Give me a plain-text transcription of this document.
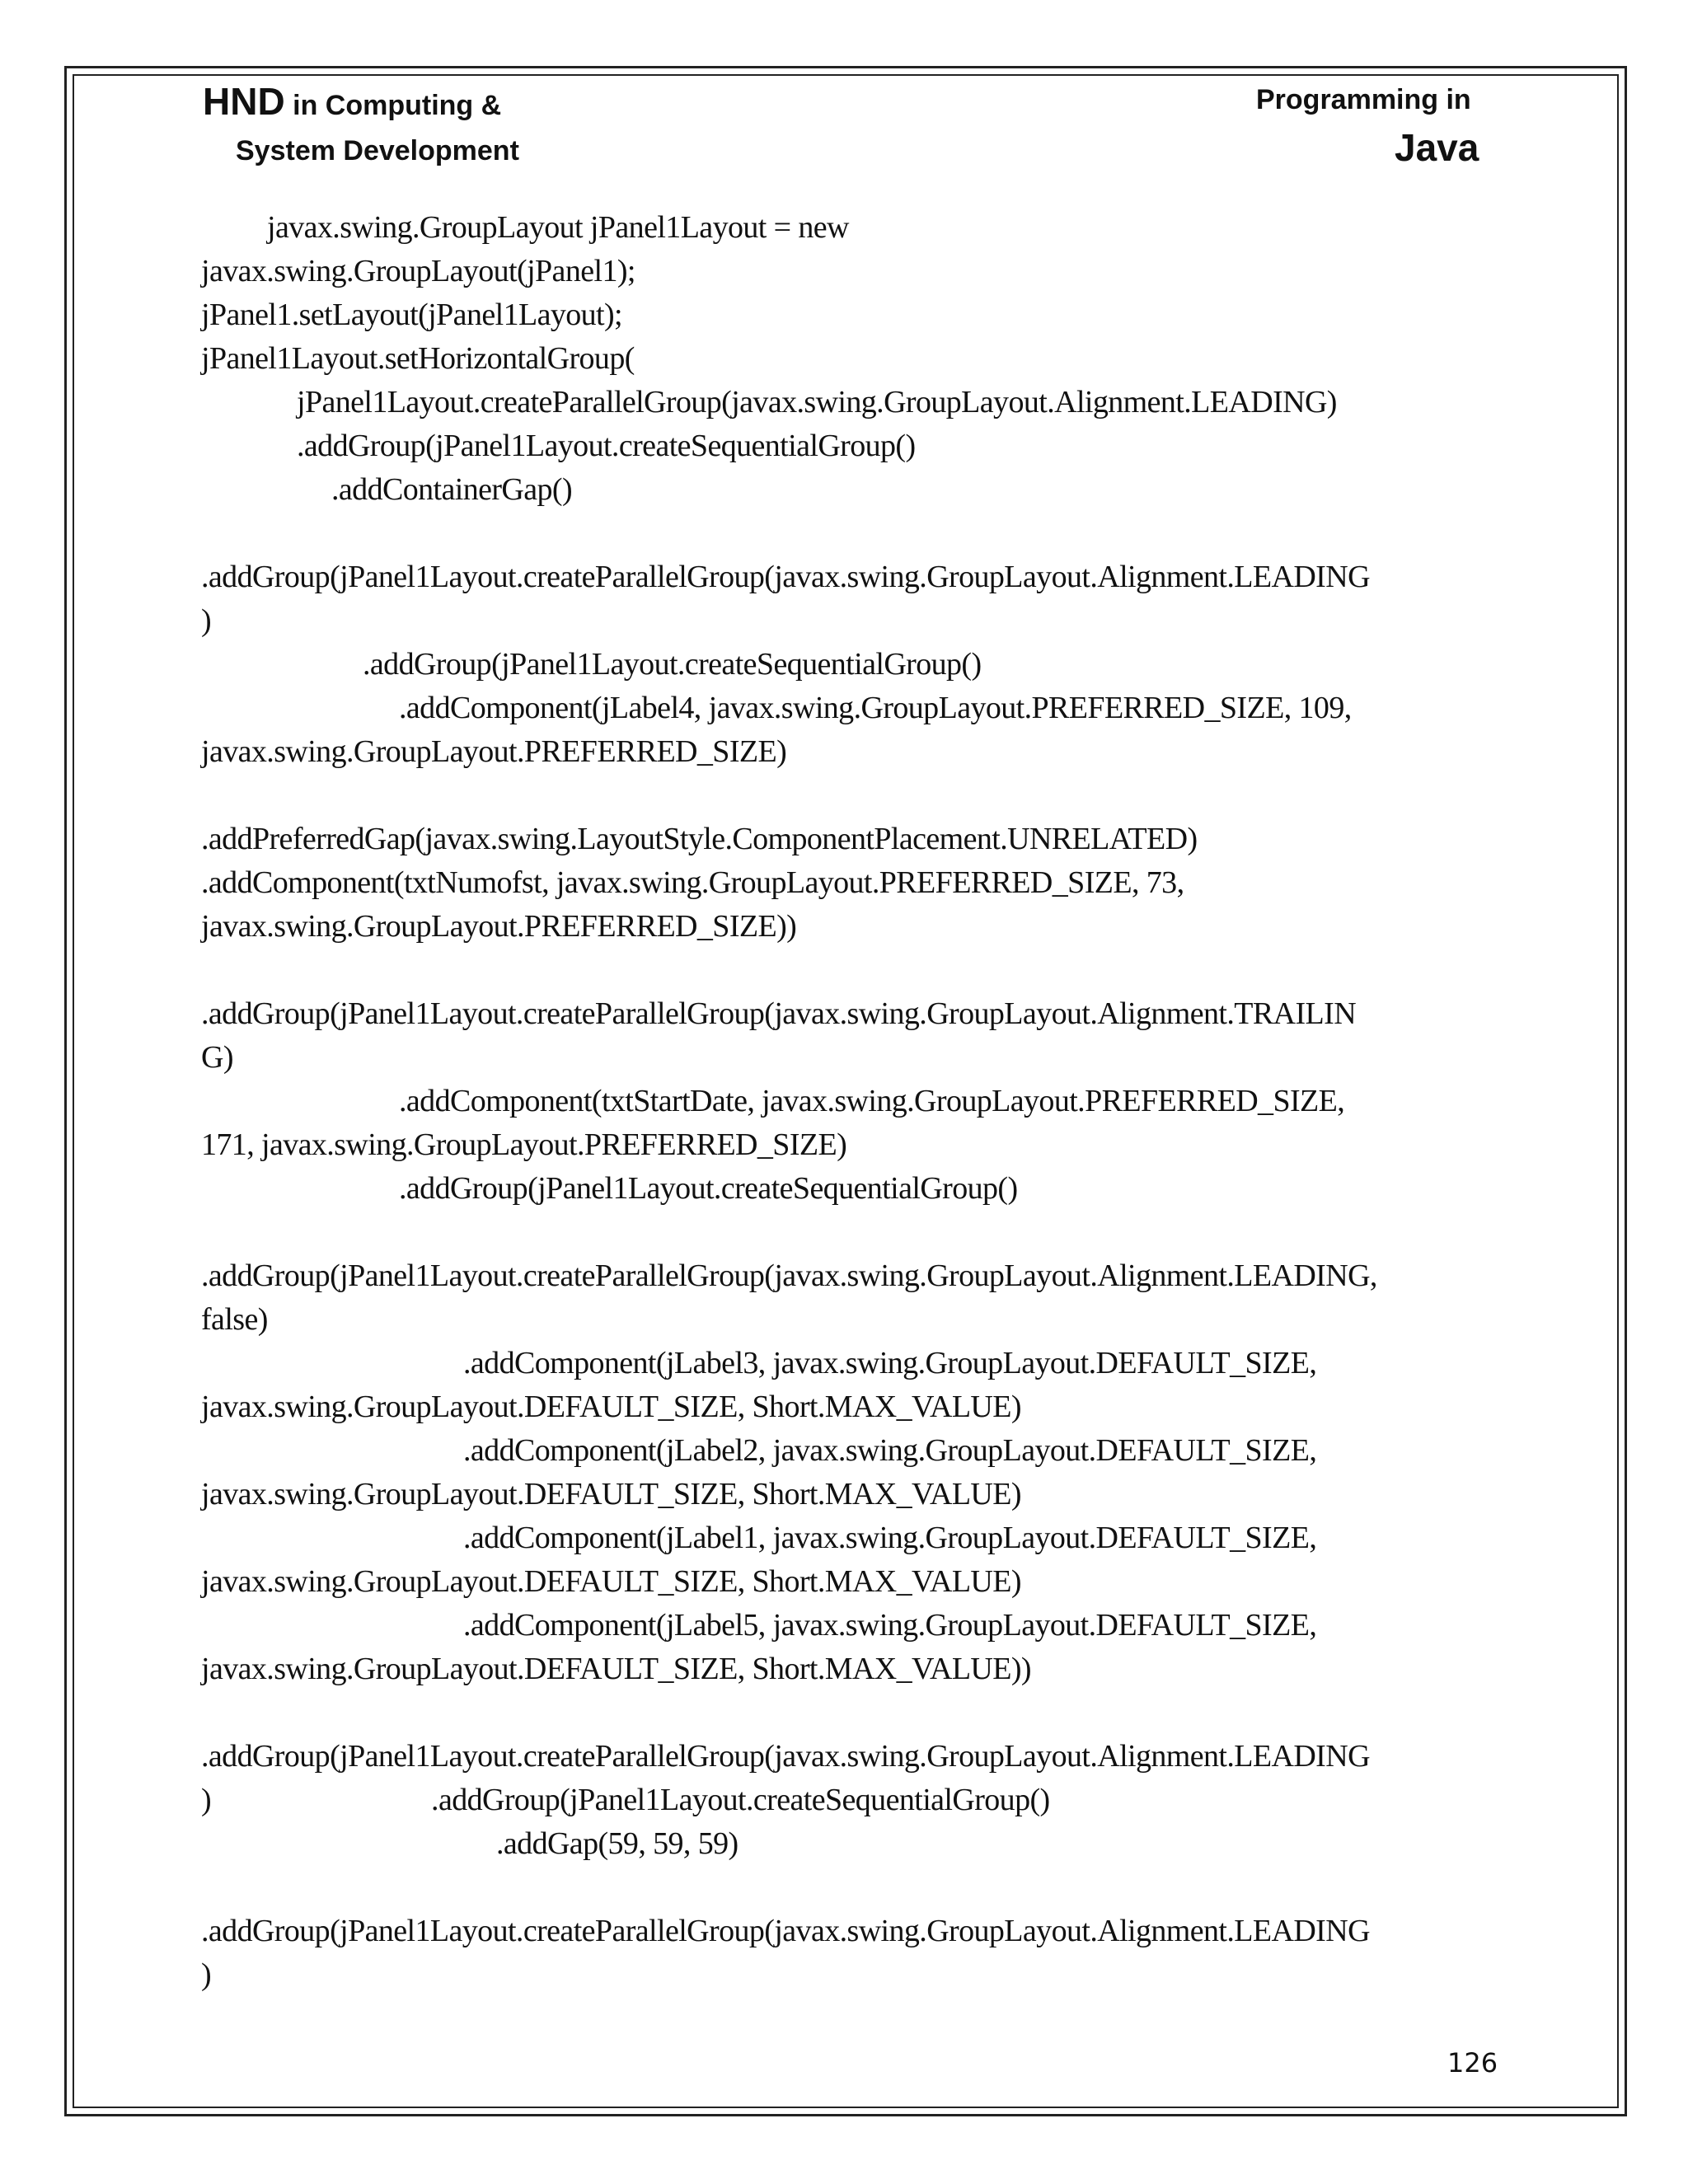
HND in Computing &
System Development
Programming in
Java
javax.swing.GroupLayout jPanel1Layout = new
javax.swing.GroupLayout(jPanel1);
jPanel1.setLayout(jPanel1Layout);
jPanel1Layout.setHorizontalGroup(
jPanel1Layout.createParallelGroup(javax.swing.GroupLayout.Alignment.LEADING)
.addGroup(jPanel1Layout.createSequentialGroup()
.addContainerGap()
.addGroup(jPanel1Layout.createParallelGroup(javax.swing.GroupLayout.Alignment.LEADING
)
.addGroup(jPanel1Layout.createSequentialGroup()
.addComponent(jLabel4, javax.swing.GroupLayout.PREFERRED_SIZE, 109,
javax.swing.GroupLayout.PREFERRED_SIZE)
.addPreferredGap(javax.swing.LayoutStyle.ComponentPlacement.UNRELATED)
.addComponent(txtNumofst, javax.swing.GroupLayout.PREFERRED_SIZE, 73,
javax.swing.GroupLayout.PREFERRED_SIZE))
.addGroup(jPanel1Layout.createParallelGroup(javax.swing.GroupLayout.Alignment.TRAILIN
G)
.addComponent(txtStartDate, javax.swing.GroupLayout.PREFERRED_SIZE,
171, javax.swing.GroupLayout.PREFERRED_SIZE)
.addGroup(jPanel1Layout.createSequentialGroup()
.addGroup(jPanel1Layout.createParallelGroup(javax.swing.GroupLayout.Alignment.LEADING,
false)
.addComponent(jLabel3, javax.swing.GroupLayout.DEFAULT_SIZE,
javax.swing.GroupLayout.DEFAULT_SIZE, Short.MAX_VALUE)
.addComponent(jLabel2, javax.swing.GroupLayout.DEFAULT_SIZE,
javax.swing.GroupLayout.DEFAULT_SIZE, Short.MAX_VALUE)
.addComponent(jLabel1, javax.swing.GroupLayout.DEFAULT_SIZE,
javax.swing.GroupLayout.DEFAULT_SIZE, Short.MAX_VALUE)
.addComponent(jLabel5, javax.swing.GroupLayout.DEFAULT_SIZE,
javax.swing.GroupLayout.DEFAULT_SIZE, Short.MAX_VALUE))
.addGroup(jPanel1Layout.createParallelGroup(javax.swing.GroupLayout.Alignment.LEADING
)                              .addGroup(jPanel1Layout.createSequentialGroup()
.addGap(59, 59, 59)
.addGroup(jPanel1Layout.createParallelGroup(javax.swing.GroupLayout.Alignment.LEADING
)
126
